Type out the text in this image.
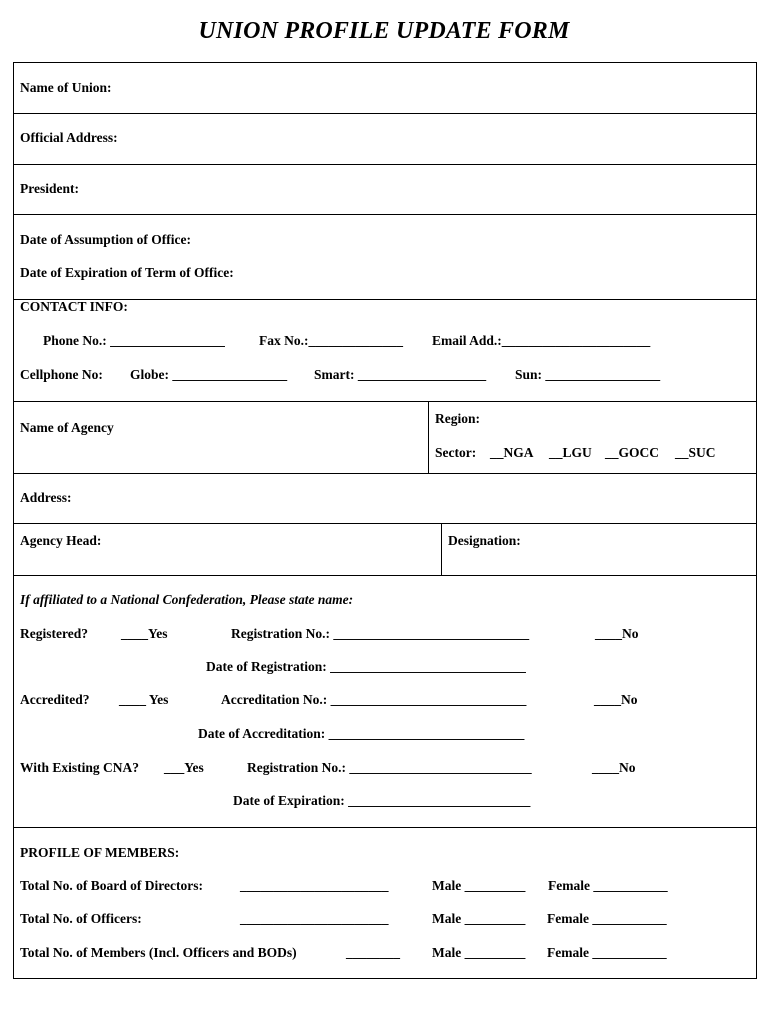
UNION PROFILE UPDATE FORM
Name of Union:
Official Address:
President:
Date of Assumption of Office:
Date of Expiration of Term of Office:
CONTACT INFO:
Phone No.: _________________	Fax No.:______________ Email Add.:______________________
Cellphone No: Globe: _________________ Smart: ___________________ Sun: _________________
Name of Agency
Region:
Sector: __NGA __LGU __GOCC __SUC
Address:
Agency Head:	Designation:
If affiliated to a National Confederation, Please state name:
Registered? ____Yes	Registration No.: _____________________________	____No
Date of Registration: _____________________________
Accredited? ____ Yes	Accreditation No.: _____________________________	____No
Date of Accreditation: _____________________________
With Existing CNA? ___Yes	Registration No.: ___________________________	____No
Date of Expiration: ___________________________
PROFILE OF MEMBERS:
Total No. of Board of Directors:	______________________	Male _________ Female ___________
Total No. of Officers:	______________________	Male _________ Female ___________
Total No. of Members (Incl. Officers and BODs)	________ Male _________ Female ___________
